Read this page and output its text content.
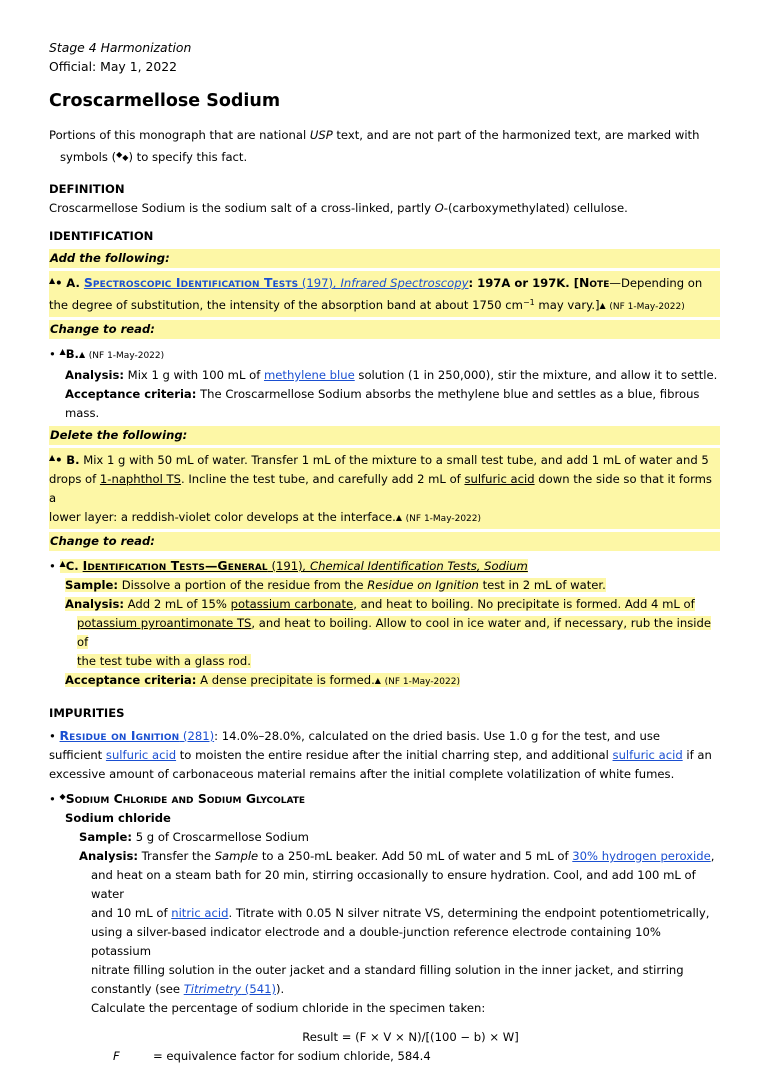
Stage 4 Harmonization
Official: May 1, 2022
Croscarmellose Sodium

Portions of this monograph that are national USP text, and are not part of the harmonized text, are marked with
symbols (◆◆) to specify this fact.

DEFINITION

Croscarmellose Sodium is the sodium salt of a cross-linked, partly O-(carboxymethylated) cellulose.

IDENTIFICATION
Add the following:
▲• A. Spectroscopic Identification Tests (197), Infrared Spectroscopy: 197A or 197K. [Note—Depending on
the degree of substitution, the intensity of the absorption band at about 1750 $cm^{-1}$ may vary.]▲ (NF 1-May-2022)
Change to read:
• ▲B.▲ (NF 1-May-2022)
Analysis: Mix 1 g with 100 mL of methylene blue solution (1 in 250,000), stir the mixture, and allow it to settle.
Acceptance criteria: The Croscarmellose Sodium absorbs the methylene blue and settles as a blue, fibrous mass.
Delete the following:
▲• B. Mix 1 g with 50 mL of water. Transfer 1 mL of the mixture to a small test tube, and add 1 mL of water and 5
drops of 1-naphthol TS. Incline the test tube, and carefully add 2 mL of sulfuric acid down the side so that it forms a
lower layer: a reddish-violet color develops at the interface.▲ (NF 1-May-2022)
Change to read:
• ▲C. Identification Tests—General (191), Chemical Identification Tests, Sodium
Sample: Dissolve a portion of the residue from the Residue on Ignition test in 2 mL of water.
Analysis: Add 2 mL of 15% potassium carbonate, and heat to boiling. No precipitate is formed. Add 4 mL of
potassium pyroantimonate TS, and heat to boiling. Allow to cool in ice water and, if necessary, rub the inside of
the test tube with a glass rod.
Acceptance criteria: A dense precipitate is formed.▲ (NF 1-May-2022)
IMPURITIES
• Residue on Ignition (281): 14.0%–28.0%, calculated on the dried basis. Use 1.0 g for the test, and use
sufficient sulfuric acid to moisten the entire residue after the initial charring step, and additional sulfuric acid if an
excessive amount of carbonaceous material remains after the initial complete volatilization of white fumes.
• ◆Sodium Chloride and Sodium Glycolate
Sodium chloride
Sample: 5 g of Croscarmellose Sodium
Analysis: Transfer the Sample to a 250-mL beaker. Add 50 mL of water and 5 mL of 30% hydrogen peroxide,
and heat on a steam bath for 20 min, stirring occasionally to ensure hydration. Cool, and add 100 mL of water
and 10 mL of nitric acid. Titrate with 0.05 N silver nitrate VS, determining the endpoint potentiometrically,
using a silver-based indicator electrode and a double-junction reference electrode containing 10% potassium
nitrate filling solution in the outer jacket and a standard filling solution in the inner jacket, and stirring
constantly (see Titrimetry (541)).
Calculate the percentage of sodium chloride in the specimen taken:
Result = (F × V × N)/[(100 − b) × W]
F	= equivalence factor for sodium chloride, 584.4
